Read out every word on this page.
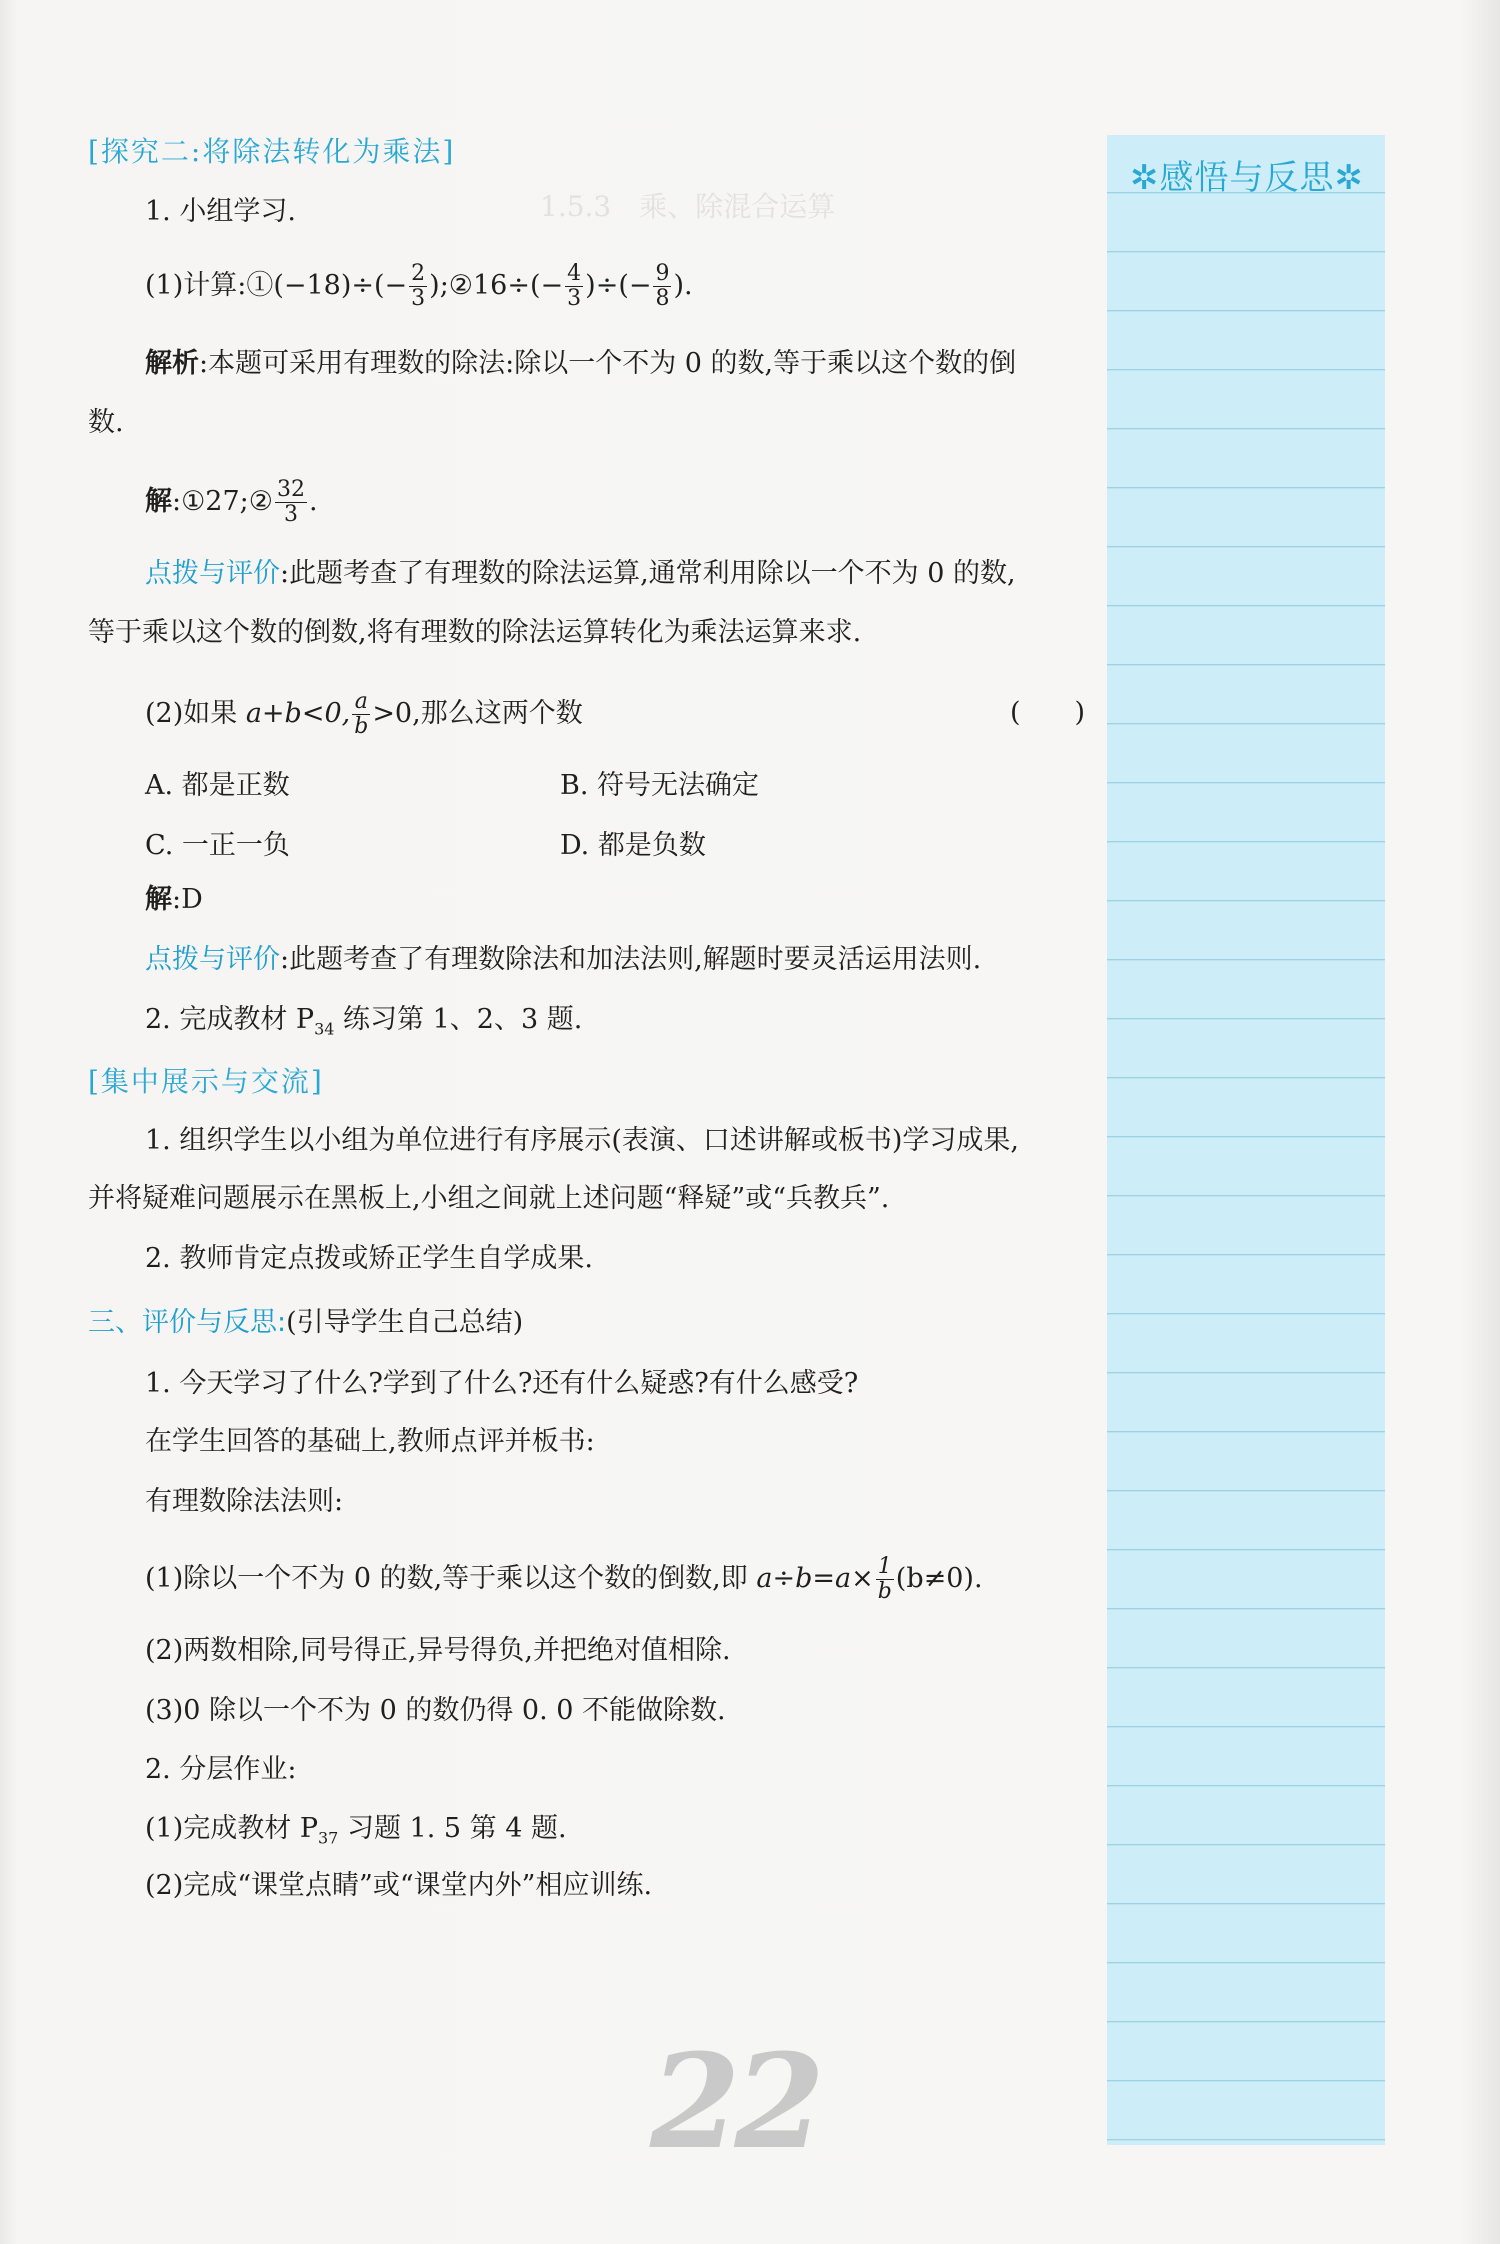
1.5.3　乘、除混合运算
✲感悟与反思✲
[探究二:将除法转化为乘法]
1. 小组学习.
(1)计算:①(−18)÷(− $\frac{2}{3}$ );②16÷(− $\frac{4}{3}$ )÷(− $\frac{9}{8}$ ).
解析:本题可采用有理数的除法:除以一个不为 0 的数,等于乘以这个数的倒
数.
解:①27;② $\frac{32}{3}$ .
点拨与评价:此题考查了有理数的除法运算,通常利用除以一个不为 0 的数,
等于乘以这个数的倒数,将有理数的除法运算转化为乘法运算来求.
(2)如果 a+b<0, $\frac{a}{b} >0$,那么这两个数	(　　)
A. 都是正数	B. 符号无法确定
C. 一正一负	D. 都是负数
解:D
点拨与评价:此题考查了有理数除法和加法法则,解题时要灵活运用法则.
2. 完成教材 $P_{34}$ 练习第 1、2、3 题.
[集中展示与交流]
1. 组织学生以小组为单位进行有序展示(表演、口述讲解或板书)学习成果,
并将疑难问题展示在黑板上,小组之间就上述问题“释疑”或“兵教兵”.
2. 教师肯定点拨或矫正学生自学成果.
三、评价与反思:(引导学生自己总结)
1. 今天学习了什么?学到了什么?还有什么疑惑?有什么感受?
在学生回答的基础上,教师点评并板书:
有理数除法法则:
(1)除以一个不为 0 的数,等于乘以这个数的倒数,即 $a\div b=a\times \frac{1}{b} (b\ne 0)$.
(2)两数相除,同号得正,异号得负,并把绝对值相除.
(3)0 除以一个不为 0 的数仍得 0. 0 不能做除数.
2. 分层作业:
(1)完成教材 $P_{37}$ 习题 1. 5 第 4 题.
(2)完成“课堂点睛”或“课堂内外”相应训练.
22
